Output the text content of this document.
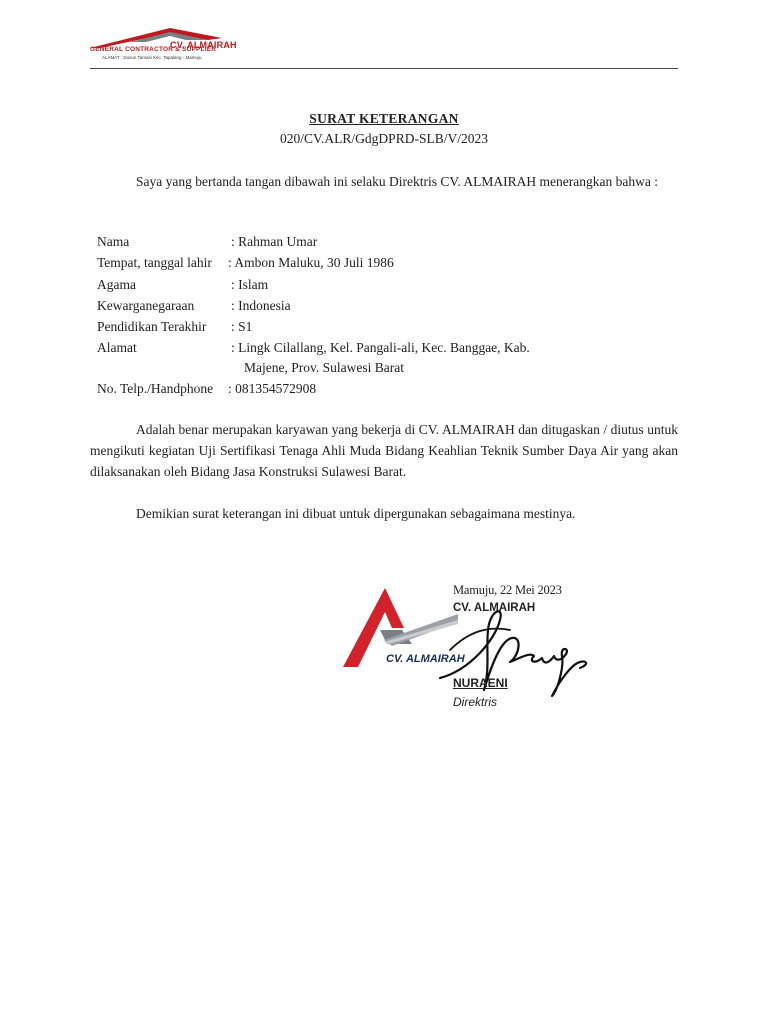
CV. ALMAIRAH
GENERAL CONTRACTOR & SUPPLIER
ALAMAT : Dusun Tamasi Kec. Tapalang - Mamuju
SURAT KETERANGAN
020/CV.ALR/GdgDPRD-SLB/V/2023
Saya yang bertanda tangan dibawah ini selaku Direktris CV. ALMAIRAH menerangkan bahwa :
Nama	: Rahman Umar
Tempat, tanggal lahir : Ambon Maluku, 30 Juli 1986
Agama	: Islam
Kewarganegaraan	: Indonesia
Pendidikan Terakhir : S1
Alamat	: Lingk Cilallang, Kel. Pangali-ali, Kec. Banggae, Kab.
Majene, Prov. Sulawesi Barat
No. Telp./Handphone : 081354572908
Adalah benar merupakan karyawan yang bekerja di CV. ALMAIRAH dan ditugaskan / diutus untuk mengikuti kegiatan Uji Sertifikasi Tenaga Ahli Muda Bidang Keahlian Teknik Sumber Daya Air yang akan dilaksanakan oleh Bidang Jasa Konstruksi Sulawesi Barat.
Demikian surat keterangan ini dibuat untuk dipergunakan sebagaimana mestinya.
CV. ALMAIRAH
Mamuju, 22 Mei 2023
CV. ALMAIRAH
NURAENI
Direktris
